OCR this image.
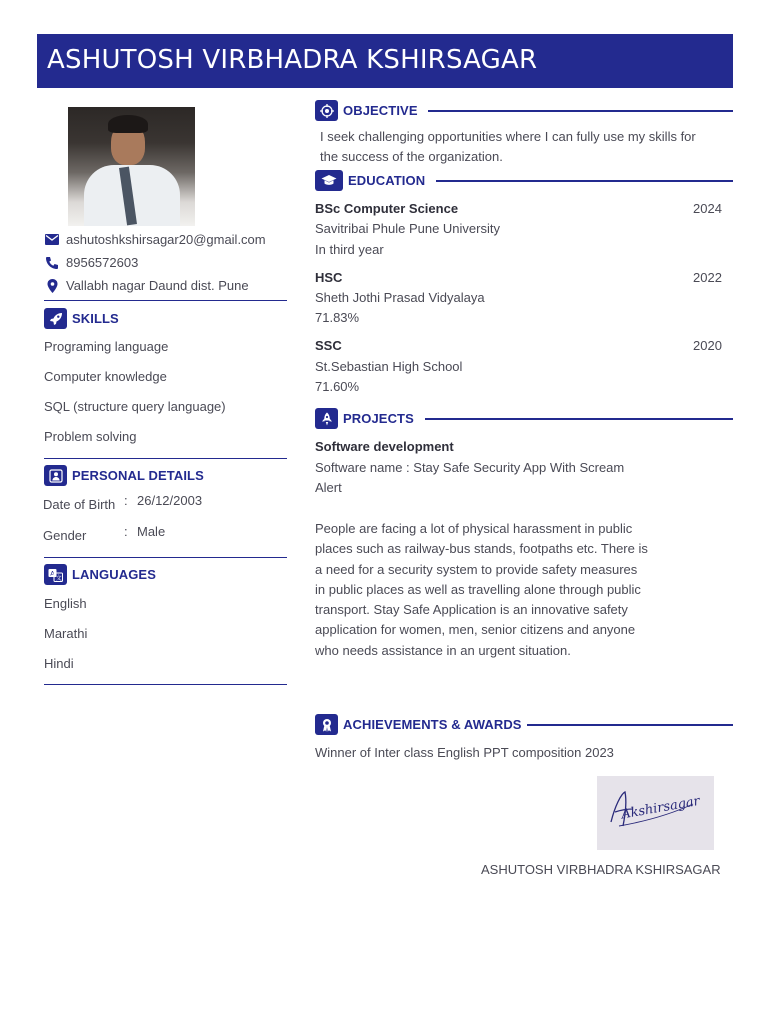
ASHUTOSH VIRBHADRA KSHIRSAGAR
ashutoshkshirsagar20@gmail.com
8956572603
Vallabh nagar Daund dist. Pune
SKILLS
Programing language
Computer knowledge
SQL (structure query language)
Problem solving
PERSONAL DETAILS
Date of Birth : 26/12/2003
Gender	: Male
A
文 LANGUAGES
English
Marathi
Hindi
OBJECTIVE
I seek challenging opportunities where I can fully use my skills for
the success of the organization.
EDUCATION
BSc Computer Science	2024
Savitribai Phule Pune University
In third year
HSC	2022
Sheth Jothi Prasad Vidyalaya
71.83%
SSC	2020
St.Sebastian High School
71.60%
PROJECTS
Software development
Software name : Stay Safe Security App With Scream
Alert
People are facing a lot of physical harassment in public
places such as railway-bus stands, footpaths etc. There is
a need for a security system to provide safety measures
in public places as well as travelling alone through public
transport. Stay Safe Application is an innovative safety
application for women, men, senior citizens and anyone
who needs assistance in an urgent situation.
ACHIEVEMENTS & AWARDS
Winner of Inter class English PPT composition 2023
Akshirsagar
ASHUTOSH VIRBHADRA KSHIRSAGAR
